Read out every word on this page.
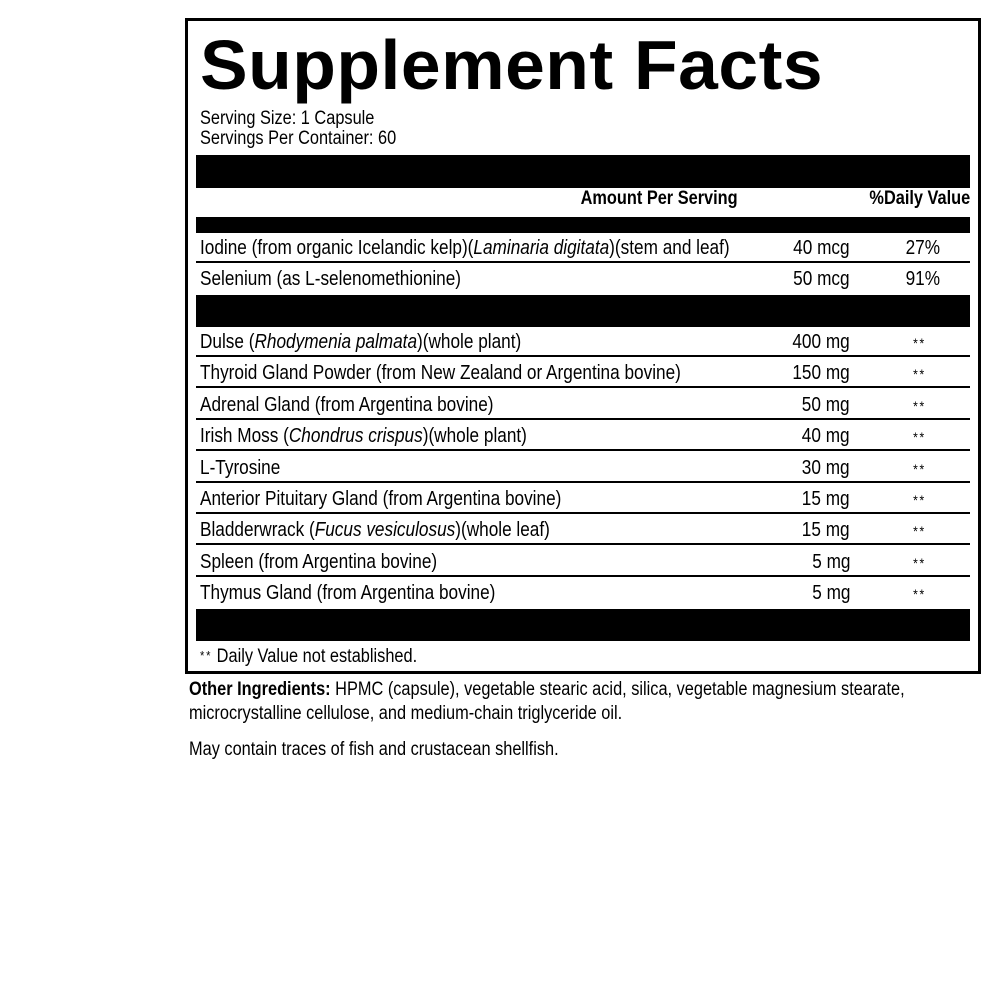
Supplement Facts
Serving Size: 1 Capsule
Servings Per Container: 60
Amount Per Serving	%Daily Value
Iodine (from organic Icelandic kelp)(Laminaria digitata)(stem and leaf)	40 mcg	27%
Selenium (as L-selenomethionine)	50 mcg	91%
Dulse (Rhodymenia palmata)(whole plant)	400 mg	**
Thyroid Gland Powder (from New Zealand or Argentina bovine)	150 mg	**
Adrenal Gland (from Argentina bovine)	50 mg	**
Irish Moss (Chondrus crispus)(whole plant)	40 mg	**
L-Tyrosine	30 mg	**
Anterior Pituitary Gland (from Argentina bovine)	15 mg	**
Bladderwrack (Fucus vesiculosus)(whole leaf)	15 mg	**
Spleen (from Argentina bovine)	5 mg	**
Thymus Gland (from Argentina bovine)	5 mg	**
** Daily Value not established.
Other Ingredients: HPMC (capsule), vegetable stearic acid, silica, vegetable magnesium stearate, microcrystalline cellulose, and medium-chain triglyceride oil.
May contain traces of fish and crustacean shellfish.
